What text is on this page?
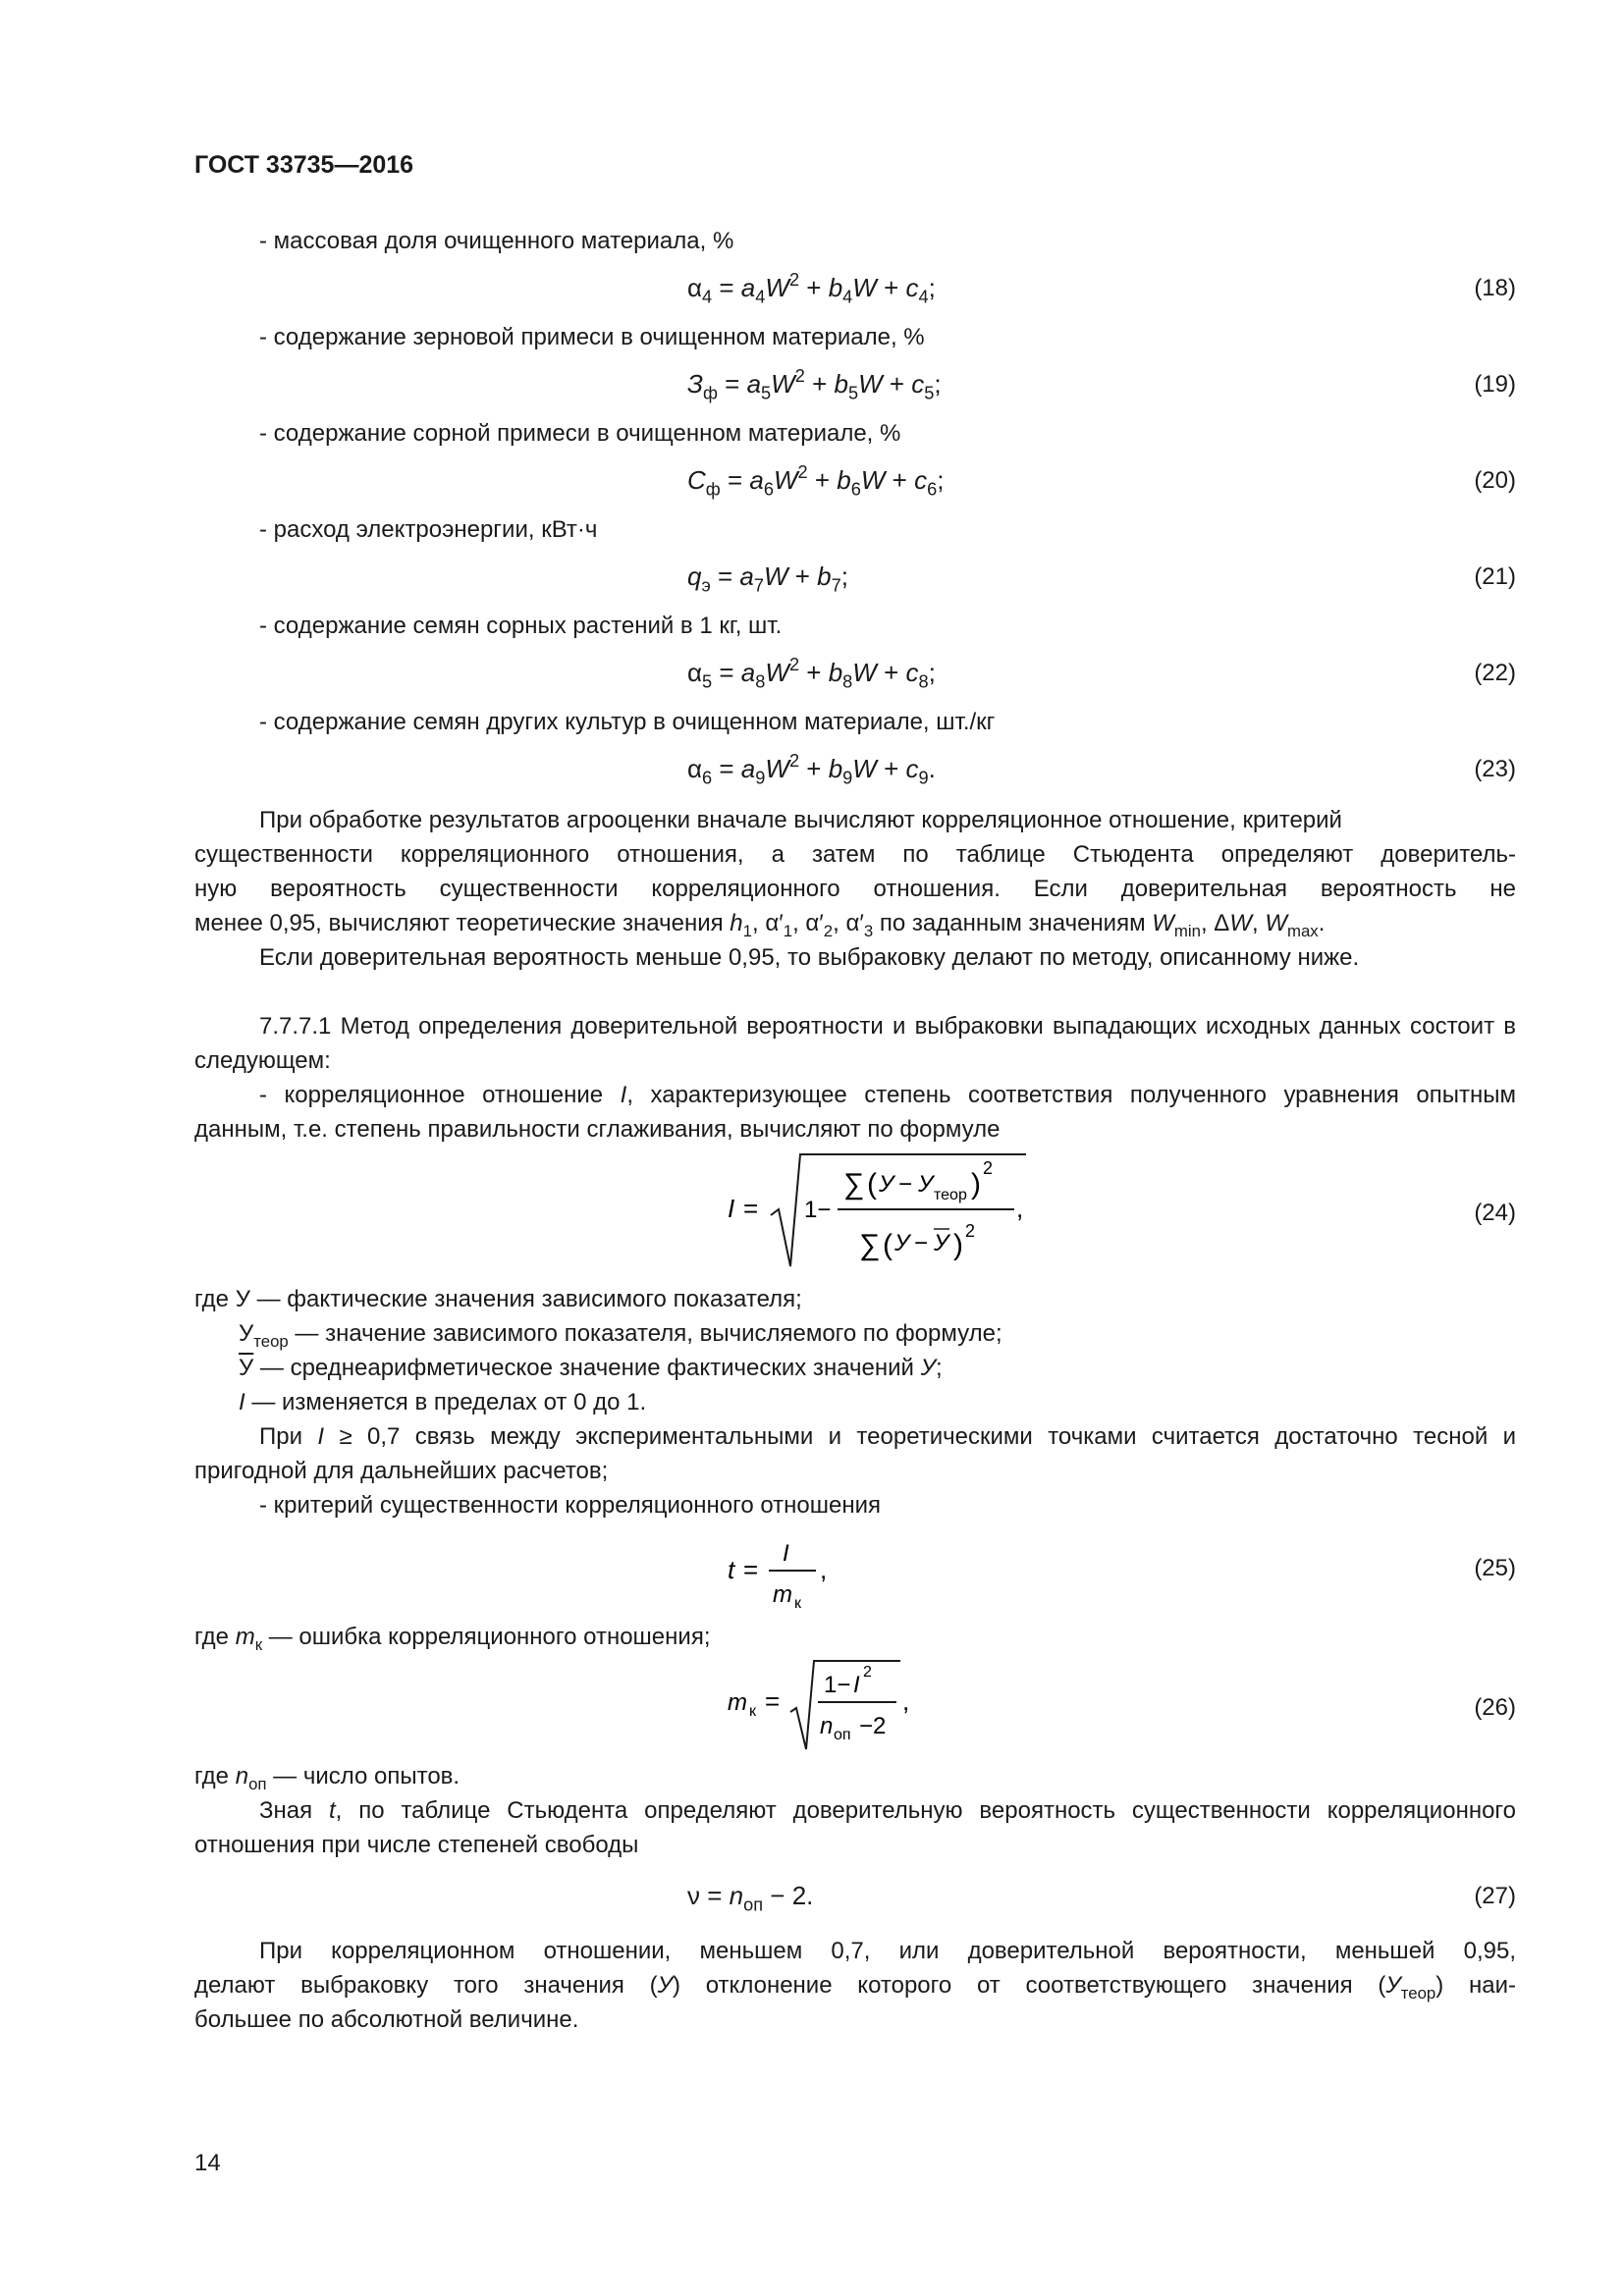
ГОСТ 33735—2016
- массовая доля очищенного материала, %
$\alpha_4 = a_4W^2 + b_4W + c_4$;	(18)
- содержание зерновой примеси в очищенном материале, %
$З_ф = a_5W^2 + b_5W + c_5$;	(19)
- содержание сорной примеси в очищенном материале, %
$С_ф = a_6W^2 + b_6W + c_6$;	(20)
- расход электроэнергии, кВт·ч
$q_э = a_7W + b_7$;	(21)
- содержание семян сорных растений в 1 кг, шт.
$\alpha_5 = a_8W^2 + b_8W + c_8$;	(22)
- содержание семян других культур в очищенном материале, шт./кг
$\alpha_6 = a_9W^2 + b_9W + c_9$.	(23)
При обработке результатов агрооценки вначале вычисляют корреляционное отношение, критерий
существенности корреляционного отношения, а затем по таблице Стьюдента определяют доверитель-
ную вероятность существенности корреляционного отношения. Если доверительная вероятность не
менее 0,95, вычисляют теоретические значения $h_1$, $\alpha'_1$, $\alpha'_2$, $\alpha'_3$ по заданным значениям $W_{min}$, ΔW, $W_{max}$.
Если доверительная вероятность меньше 0,95, то выбраковку делают по методу, описанному ниже.
7.7.7.1 Метод определения доверительной вероятности и выбраковки выпадающих исходных данных состоит в следующем:
- корреляционное отношение I, характеризующее степень соответствия полученного уравнения опытным данным, т.е. степень правильности сглаживания, вычисляют по формуле
I = 1−
∑ ( У − У теор ) 2
∑ ( У − У ) 2
,	(24)
где У — фактические значения зависимого показателя;
$У_{теор}$ — значение зависимого показателя, вычисляемого по формуле;
У — среднеарифметическое значение фактических значений У;
I — изменяется в пределах от 0 до 1.
При I ≥ 0,7 связь между экспериментальными и теоретическими точками считается достаточно тесной и пригодной для дальнейших расчетов;
- критерий существенности корреляционного отношения
t =
I
m к
,	(25)
где $m_к$ — ошибка корреляционного отношения;
m к =
1− I 2
n оп −2
,	(26)
где $n_{оп}$ — число опытов.
Зная t, по таблице Стьюдента определяют доверительную вероятность существенности корреляционного отношения при числе степеней свободы
$\nu = n_{оп} - 2$.	(27)
При корреляционном отношении, меньшем 0,7, или доверительной вероятности, меньшей 0,95,
делают выбраковку того значения (У) отклонение которого от соответствующего значения $(У_{теор})$ наи-
большее по абсолютной величине.
14
